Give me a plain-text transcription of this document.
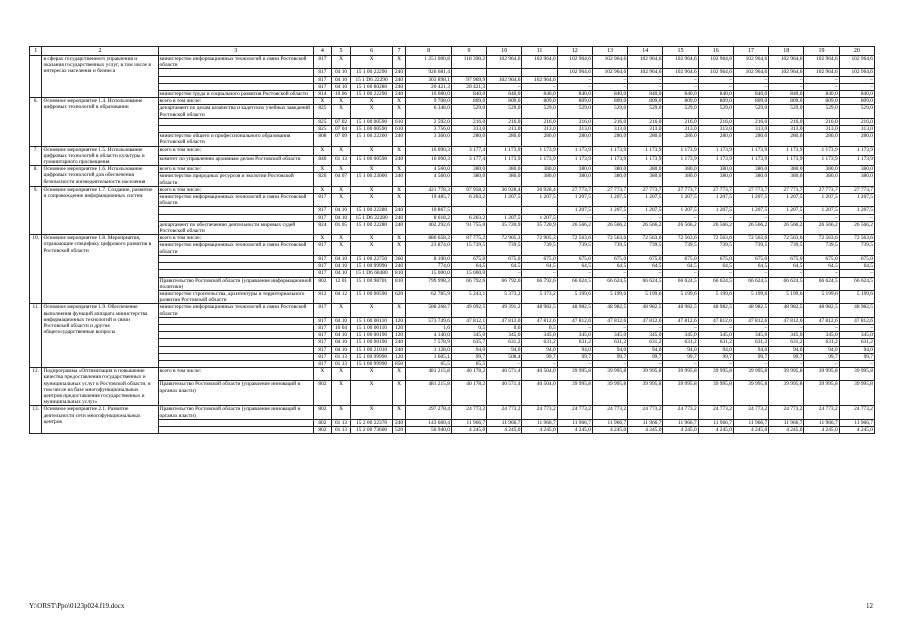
1	2	3	4	5	6	7	8	9	10	11	12	13	14	15	16	17	18	19	20
	в сферах государственного управления и оказания государственных услуг, в том числе в интересах населения и бизнеса	министерство информационных технологий и связи Ростовской области	817	Х	Х	Х	1 251 000,8	118 390,2	102 964,6	102 964,6	102 964,6	102 964,6	102 964,6	102 964,6	102 964,6	102 964,6	102 964,6	102 964,6	102 964,6
			817	04 10	15 1 00 22290	240	926 681,4				102 964,6	102 964,6	102 964,6	102 964,6	102 964,6	102 964,6	102 964,6	102 964,6	102 964,6
			817	04 10	15 1 D6 22290	240	303 898,1	97 969,9	102 964,6	102 964,6	–	–	–	–	–	–	–	–	–
			817	04 10	15 1 00 80280	240	20 421,3	20 421,3	–	–	–	–	–	–	–	–	–	–	–
		министерство труда и социального развития Ростовской области	814	10 06	15 1 00 22290	240	10 080,0	840,0	840,0	840,0	840,0	840,0	840,0	840,0	840,0	840,0	840,0	840,0	840,0
6.	Основное мероприятие 1.4. Использование цифровых технологий в образовании	всего в том числе:	Х	Х	Х	Х	9 708,0	809,0	809,0	809,0	809,0	809,0	809,0	809,0	809,0	809,0	809,0	809,0	809,0
		департамент по делам казачества и кадетских учебных заведений Ростовской области	825	Х	Х	Х	6 348,0	529,0	529,0	529,0	529,0	529,0	529,0	529,0	529,0	529,0	529,0	529,0	529,0
			825	07 02	15 1 00 00590	610	2 592,0	216,0	216,0	216,0	216,0	216,0	216,0	216,0	216,0	216,0	216,0	216,0	216,0
			825	07 04	15 1 00 00590	610	3 756,0	313,0	313,0	313,0	313,0	313,0	313,0	313,0	313,0	313,0	313,0	313,0	313,0
		министерство общего и профессионального образования Ростовской области	808	07 09	15 1 00 22260	240	3 360,0	280,0	280,0	280,0	280,0	280,0	280,0	280,0	280,0	280,0	280,0	280,0	280,0
7.	Основное мероприятие 1.5. Использование цифровых технологий в области культуры и гуманитарного просвещения	всего в том числе:	Х	Х	Х	Х	16 090,3	3 177,4	1 173,9	1 173,9	1 173,9	1 173,9	1 173,9	1 173,9	1 173,9	1 173,9	1 173,9	1 173,9	1 173,9
		комитет по управлению архивным делом Ростовской области	840	01 13	15 1 00 00590	240	16 090,3	3 177,4	1 173,9	1 173,9	1 173,9	1 173,9	1 173,9	1 173,9	1 173,9	1 173,9	1 173,9	1 173,9	1 173,9
8.	Основное мероприятие 1.6. Использование цифровых технологий для обеспечения безопасности жизнедеятельности населения	всего в том числе:	Х	Х	Х	Х	4 560,0	380,0	380,0	380,0	380,0	380,0	380,0	380,0	380,0	380,0	380,0	380,0	380,0
		министерство природных ресурсов и экологии Ростовской области	820	04 07	15 1 00 23000	240	4 560,0	380,0	380,0	380,0	380,0	380,0	380,0	380,0	380,0	380,0	380,0	380,0	380,0
9.	Основное мероприятие 1.7. Создание, развитие и сопровождение информационных систем	всего в том числе:	Х	Х	Х	Х	421 778,3	97 958,2	36 928,4	36 928,4	27 773,7	27 773,7	27 773,7	27 773,7	27 773,7	27 773,7	27 773,7	27 773,7	27 773,7
		министерство информационных технологий и связи Ростовской области	817	Х	Х	Х	19 485,7	6 203,2	1 207,5	1 207,5	1 207,5	1 207,5	1 207,5	1 207,5	1 207,5	1 207,5	1 207,5	1 207,5	1 207,5
			817	04 10	15 1 00 22280	240	10 867,5				1 207,5	1 207,5	1 207,5	1 207,5	1 207,5	1 207,5	1 207,5	1 207,5	1 207,5
			817	04 10	15 1 D6 22280	240	8 618,2	6 203,2	1 207,5	1 207,5	–	–	–	–	–	–	–	–	–
		департамент по обеспечению деятельности мировых судей Ростовской области	824	01 05	15 1 00 22280	240	402 292,6	91 755,0	35 720,9	35 720,9	26 566,2	26 566,2	26 566,2	26 566,2	26 566,2	26 566,2	26 566,2	26 566,2	26 566,2
10.	Основное мероприятие 1.8. Мероприятия, отражающие специфику цифрового развития в Ростовской области	всего в том числе:	Х	Х	Х	Х	886 658,2	87 775,2	72 905,3	72 905,3	72 563,6	72 563,6	72 563,6	72 563,6	72 563,6	72 563,6	72 563,6	72 563,6	72 563,6
		министерство информационных технологий и связи Ростовской области	817	Х	Х	Х	23 874,0	15 739,5	739,5	739,5	739,5	739,5	739,5	739,5	739,5	739,5	739,5	739,5	739,5
			817	04 10	15 1 00 22750	360	8 100,0	675,0	675,0	675,0	675,0	675,0	675,0	675,0	675,0	675,0	675,0	675,0	675,0
			817	04 10	15 1 00 99990	240	774,0	64,5	64,5	64,5	64,5	64,5	64,5	64,5	64,5	64,5	64,5	64,5	64,5
			817	04 10	15 1 D6 68480	810	15 000,0	15 000,0	–	–	–	–	–	–	–	–	–	–	–
		Правительство Ростовской области (управление информационной политики)	802	12 01	15 1 00 98701	810	799 998,3	66 792,6	66 792,6	66 792,6	66 624,5	66 624,5	66 624,5	66 624,5	66 624,5	66 624,5	66 624,5	66 624,5	66 624,5
		министерство строительства, архитектуры и территориального развития Ростовской области	812	04 12	15 1 00 00590	620	62 785,9	5 243,1	5 373,2	5 373,2	5 199,6	5 199,6	5 199,6	5 199,6	5 199,6	5 199,6	5 199,6	5 199,6	5 199,6
11.	Основное мероприятие 1.9. Обеспечение выполнения функций аппарата министерства информационных технологий и связи Ростовской области и другие общегосударственные вопросы	министерство информационных технологий и связи Ростовской области	817	Х	Х	Х	588 268,7	49 092,5	49 391,2	48 982,5	48 982,5	48 982,5	48 982,5	48 982,5	48 982,5	48 982,5	48 982,5	48 982,5	48 982,5
			817	04 10	15 1 00 00110	120	573 749,6	47 812,1	47 812,0	47 812,6	47 812,6	47 812,6	47 812,6	47 812,6	47 812,6	47 812,6	47 812,6	47 812,6	47 812,6
			817	10 04	15 1 00 00110	120	1,6	0,5	0,6	0,5	–	–	–	–	–	–	–	–	–
			817	04 10	15 1 00 00190	120	4 140,0	345,0	345,0	345,0	345,0	345,0	345,0	345,0	345,0	345,0	345,0	345,0	345,0
			817	04 10	15 1 00 00190	240	7 578,9	635,7	631,2	631,2	631,2	631,2	631,2	631,2	631,2	631,2	631,2	631,2	631,2
			817	04 10	15 1 00 21010	240	1 128,0	94,0	94,0	94,0	94,0	94,0	94,0	94,0	94,0	94,0	94,0	94,0	94,0
			817	01 13	15 1 00 99990	120	1 605,1	99,7	508,4	99,7	99,7	99,7	99,7	99,7	99,7	99,7	99,7	99,7	99,7
			817	01 13	15 1 00 99990	850	65,5	65,5	–	–	–	–	–	–	–	–	–	–	–
12.	Подпрограмма «Оптимизация и повышение качества предоставления государственных и муниципальных услуг в Ростовской области, в том числе на базе многофункциональных центров предоставления государственных и муниципальных услуг»	всего в том числе:	Х	Х	Х	Х	481 215,8	40 178,2	40 571,4	40 504,0	39 995,8	39 995,8	39 995,8	39 995,8	39 995,8	39 995,8	39 995,8	39 995,8	39 995,8
		Правительство Ростовской области (управление инноваций в органах власти)	802	Х	Х	Х	481 215,8	40 178,2	40 571,4	40 504,0	39 995,8	39 995,8	39 995,8	39 995,8	39 995,8	39 995,8	39 995,8	39 995,8	39 995,8
13.	Основное мероприятие 2.1. Развитие деятельности сети многофункциональных центров	Правительство Ростовской области (управление инноваций в органах власти)	802	Х	Х	Х	297 278,4	24 773,2	24 773,2	24 773,2	24 773,2	24 773,2	24 773,2	24 773,2	24 773,2	24 773,2	24 773,2	24 773,2	24 773,2
			802	01 13	15 2 00 22370	240	143 600,4	11 966,7	11 966,7	11 966,7	11 966,7	11 966,7	11 966,7	11 966,7	11 966,7	11 966,7	11 966,7	11 966,7	11 966,7
			802	01 13	15 2 00 73600	520	50 940,0	4 245,0	4 245,0	4 245,0	4 245,0	4 245,0	4 245,0	4 245,0	4 245,0	4 245,0	4 245,0	4 245,0	4 245,0
Y:\ORST\Ppo\0123p024.f19.docx	12
